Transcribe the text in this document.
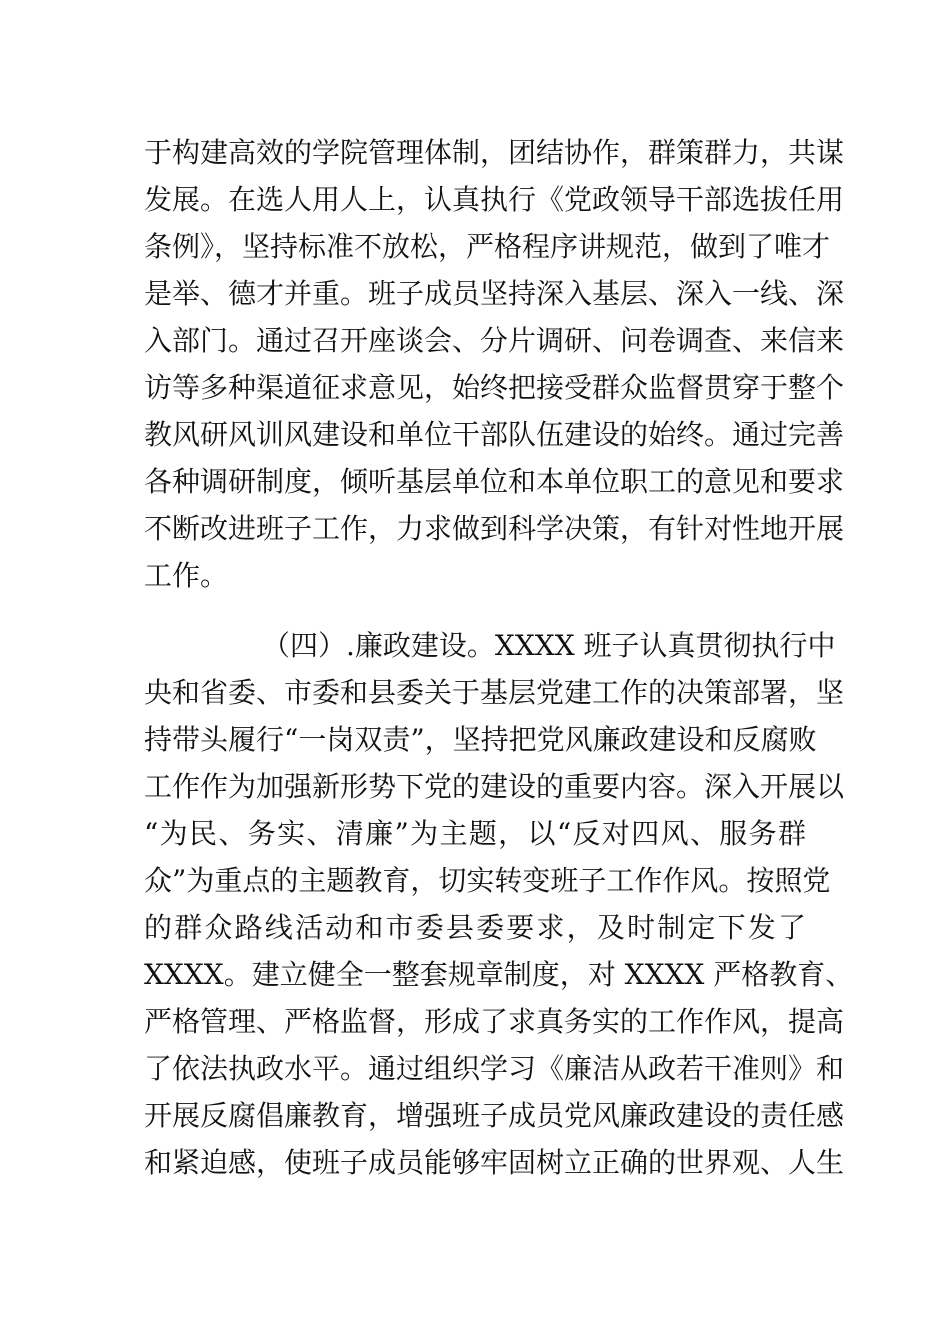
于构建高效的学院管理体制，团结协作，群策群力，共谋
发展。在选人用人上，认真执行《党政领导干部选拔任用
条例》，坚持标准不放松，严格程序讲规范，做到了唯才
是举、德才并重。班子成员坚持深入基层、深入一线、深
入部门。通过召开座谈会、分片调研、问卷调查、来信来
访等多种渠道征求意见，始终把接受群众监督贯穿于整个
教风研风训风建设和单位干部队伍建设的始终。通过完善
各种调研制度，倾听基层单位和本单位职工的意见和要求
不断改进班子工作，力求做到科学决策，有针对性地开展
工作。
（四）.廉政建设。XXXX 班子认真贯彻执行中
央和省委、市委和县委关于基层党建工作的决策部署，坚
持带头履行“一岗双责”，坚持把党风廉政建设和反腐败
工作作为加强新形势下党的建设的重要内容。深入开展以
“为民、务实、清廉”为主题，以“反对四风、服务群
众”为重点的主题教育，切实转变班子工作作风。按照党
的群众路线活动和市委县委要求，及时制定下发了
XXXX。建立健全一整套规章制度，对 XXXX 严格教育、
严格管理、严格监督，形成了求真务实的工作作风，提高
了依法执政水平。通过组织学习《廉洁从政若干准则》和
开展反腐倡廉教育，增强班子成员党风廉政建设的责任感
和紧迫感，使班子成员能够牢固树立正确的世界观、人生
